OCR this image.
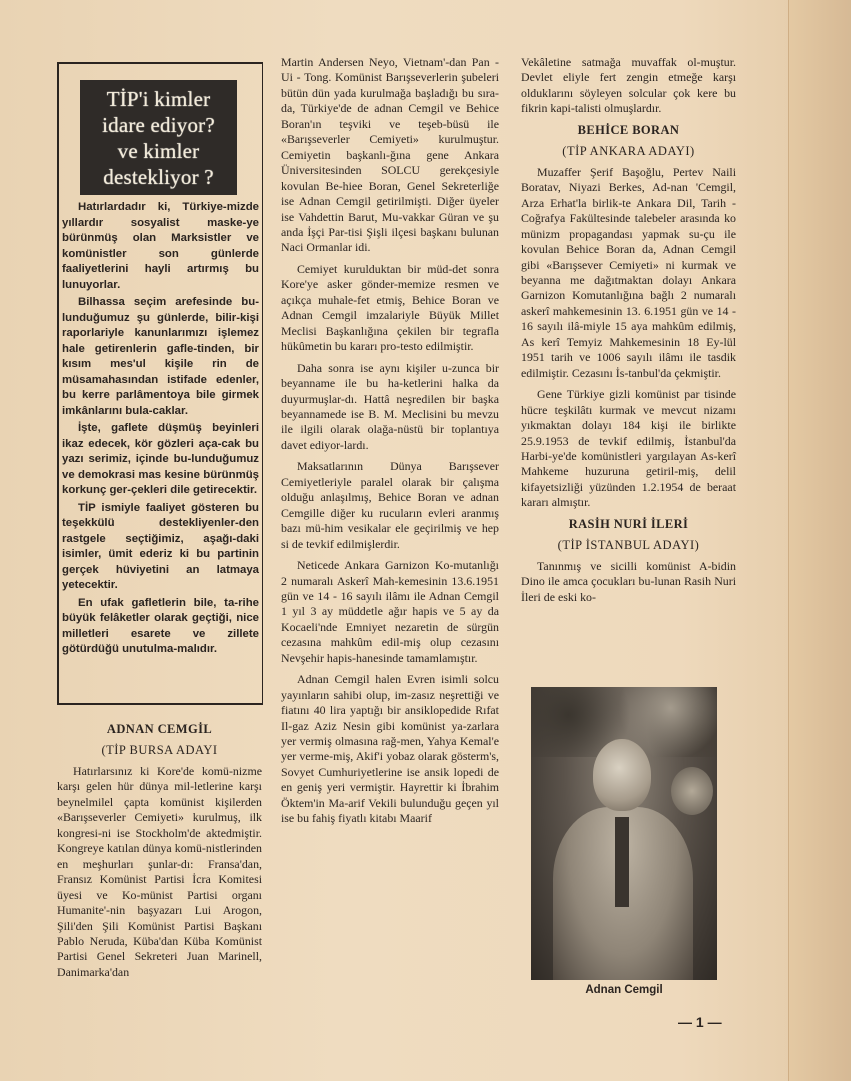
TİP'i kimler
idare ediyor?
ve kimler
destekliyor ?

Hatırlardadır ki, Türkiye-mizde yıllardır sosyalist maske-ye bürünmüş olan Marksistler ve komünistler son günlerde faaliyetlerini hayli artırmış bu lunuyorlar.

Bilhassa seçim arefesinde bu-lunduğumuz şu günlerde, bilir-kişi raporlariyle kanunlarımızı işlemez hale getirenlerin gafle-tinden, bir kısım mes'ul kişile rin de müsamahasından istifade edenler, bu kerre parlâmentoya bile girmek imkânlarını bula-caklar.

İşte, gaflete düşmüş beyinleri ikaz edecek, kör gözleri aça-cak bu yazı serimiz, içinde bu-lunduğumuz ve demokrasi mas kesine bürünmüş korkunç ger-çekleri dile getirecektir.

TİP ismiyle faaliyet gösteren bu teşekkülü destekliyenler-den rastgele seçtiğimiz, aşağı-daki isimler, ümit ederiz ki bu partinin gerçek hüviyetini an latmaya yetecektir.

En ufak gafletlerin bile, ta-rihe büyük felâketler olarak geçtiği, nice milletleri esarete ve zillete götürdüğü unutulma-malıdır.

ADNAN CEMGİL

(TİP BURSA ADAYI

Hatırlarsınız ki Kore'de komü-nizme karşı gelen hür dünya mil-letlerine karşı beynelmilel çapta komünist kişilerden «Barışseverler Cemiyeti» kurulmuş, ilk kongresi-ni ise Stockholm'de aktedmiştir. Kongreye katılan dünya komü-nistlerinden en meşhurları şunlar-dı: Fransa'dan, Fransız Komünist Partisi İcra Komitesi üyesi ve Ko-münist Partisi organı Humanite'-nin başyazarı Lui Arogon, Şili'den Şili Komünist Partisi Başkanı Pablo Neruda, Küba'dan Küba Komünist Partisi Genel Sekreteri Juan Marinell, Danimarka'dan

Martin Andersen Neyo, Vietnam'-dan Pan - Ui - Tong. Komünist Barışseverlerin şubeleri bütün dün yada kurulmağa başladığı bu sıra-da, Türkiye'de de adnan Cemgil ve Behice Boran'ın teşviki ve teşeb-büsü ile «Barışseverler Cemiyeti» kurulmuştur. Cemiyetin başkanlı-ğına gene Ankara Üniversitesinden SOLCU gerekçesiyle kovulan Be-hiee Boran, Genel Sekreterliğe ise Adnan Cemgil getirilmişti. Diğer üyeler ise Vahdettin Barut, Mu-vakkar Güran ve şu anda İşçi Par-tisi Şişli ilçesi başkanı bulunan Naci Ormanlar idi.

Cemiyet kurulduktan bir müd-det sonra Kore'ye asker gönder-memize resmen ve açıkça muhale-fet etmiş, Behice Boran ve Adnan Cemgil imzalariyle Büyük Millet Meclisi Başkanlığına çekilen bir tegrafla hükûmetin bu kararı pro-testo edilmiştir.

Daha sonra ise aynı kişiler u-zunca bir beyanname ile bu ha-ketlerini halka da duyurmuşlar-dı. Hattâ neşredilen bir başka beyannamede ise B. M. Meclisini bu mevzu ile ilgili olarak olağa-nüstü bir toplantıya davet ediyor-lardı.

Maksatlarının Dünya Barışsever Cemiyetleriyle paralel olarak bir çalışma olduğu anlaşılmış, Behice Boran ve adnan Cemgille diğer ku rucuların evleri aranmış bazı mü-him vesikalar ele geçirilmiş ve hep si de tevkif edilmişlerdir.

Neticede Ankara Garnizon Ko-mutanlığı 2 numaralı Askerî Mah-kemesinin 13.6.1951 gün ve 14 - 16 sayılı ilâmı ile Adnan Cemgil 1 yıl 3 ay müddetle ağır hapis ve 5 ay da Kocaeli'nde Emniyet nezaretin de sürgün cezasına mahkûm edil-miş olup cezasını Nevşehir hapis-hanesinde tamamlamıştır.

Adnan Cemgil halen Evren isimli solcu yayınların sahibi olup, im-zasız neşrettiği ve fiatını 40 lira yaptığı bir ansiklopedide Rıfat Il-gaz Aziz Nesin gibi komünist ya-zarlara yer vermiş olmasına rağ-men, Yahya Kemal'e yer verme-miş, Akif'i yobaz olarak gösterm's, Sovyet Cumhuriyetlerine ise ansik lopedi de en geniş yeri vermiştir. Hayrettir ki İbrahim Öktem'in Ma-arif Vekili bulunduğu geçen yıl ise bu fahiş fiyatlı kitabı Maarif

Vekâletine satmağa muvaffak ol-muştur. Devlet eliyle fert zengin etmeğe karşı olduklarını söyleyen solcular çok kere bu fikrin kapi-talisti olmuşlardır.

BEHİCE BORAN

(TİP ANKARA ADAYI)

Muzaffer Şerif Başoğlu, Pertev Naili Boratav, Niyazi Berkes, Ad-nan 'Cemgil, Arza Erhat'la birlik-te Ankara Dil, Tarih - Coğrafya Fakültesinde talebeler arasında ko münizm propagandası yapmak su-çu ile kovulan Behice Boran da, Adnan Cemgil gibi «Barışsever Cemiyeti» ni kurmak ve beyanna me dağıtmaktan dolayı Ankara Garnizon Komutanlığına bağlı 2 numaralı askerî mahkemesinin 13. 6.1951 gün ve 14 - 16 sayılı ilâ-miyle 15 aya mahkûm edilmiş, As kerî Temyiz Mahkemesinin 18 Ey-lül 1951 tarih ve 1006 sayılı ilâmı ile tasdik edilmiştir. Cezasını İs-tanbul'da çekmiştir.

Gene Türkiye gizli komünist par tisinde hücre teşkilâtı kurmak ve mevcut nizamı yıkmaktan dolayı 184 kişi ile birlikte 25.9.1953 de tevkif edilmiş, İstanbul'da Harbi-ye'de komünistleri yargılayan As-kerî Mahkeme huzuruna getiril-miş, delil kifayetsizliği yüzünden 1.2.1954 de beraat kararı almıştır.

RASİH NURİ İLERİ

(TİP İSTANBUL ADAYI)

Tanınmış ve sicilli komünist A-bidin Dino ile amca çocukları bu-lunan Rasih Nuri İleri de eski ko-

Adnan Cemgil
— 1 —
